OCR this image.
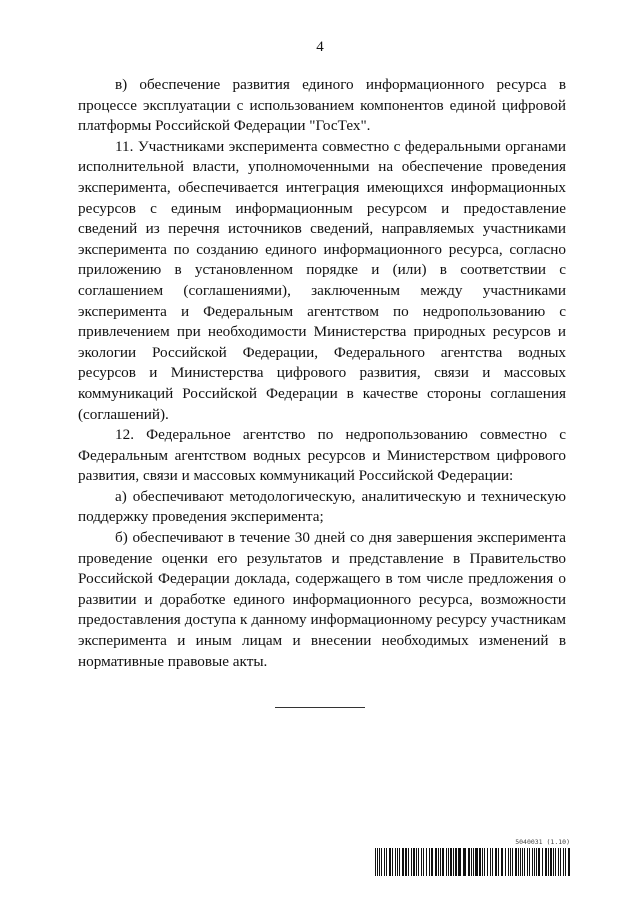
4

в) обеспечение развития единого информационного ресурса в процессе эксплуатации с использованием компонентов единой цифровой платформы Российской Федерации "ГосТех".

11. Участниками эксперимента совместно с федеральными органами исполнительной власти, уполномоченными на обеспечение проведения эксперимента, обеспечивается интеграция имеющихся информационных ресурсов с единым информационным ресурсом и предоставление сведений из перечня источников сведений, направляемых участниками эксперимента по созданию единого информационного ресурса, согласно приложению в установленном порядке и (или) в соответствии с соглашением (соглашениями), заключенным между участниками эксперимента и Федеральным агентством по недропользованию с привлечением при необходимости Министерства природных ресурсов и экологии Российской Федерации, Федерального агентства водных ресурсов и Министерства цифрового развития, связи и массовых коммуникаций Российской Федерации в качестве стороны соглашения (соглашений).

12. Федеральное агентство по недропользованию совместно с Федеральным агентством водных ресурсов и Министерством цифрового развития, связи и массовых коммуникаций Российской Федерации:

а) обеспечивают методологическую, аналитическую и техническую поддержку проведения эксперимента;

б) обеспечивают в течение 30 дней со дня завершения эксперимента проведение оценки его результатов и представление в Правительство Российской Федерации доклада, содержащего в том числе предложения о развитии и доработке единого информационного ресурса, возможности предоставления доступа к данному информационному ресурсу участникам эксперимента и иным лицам и внесении необходимых изменений в нормативные правовые акты.

5040031 (1.10)
